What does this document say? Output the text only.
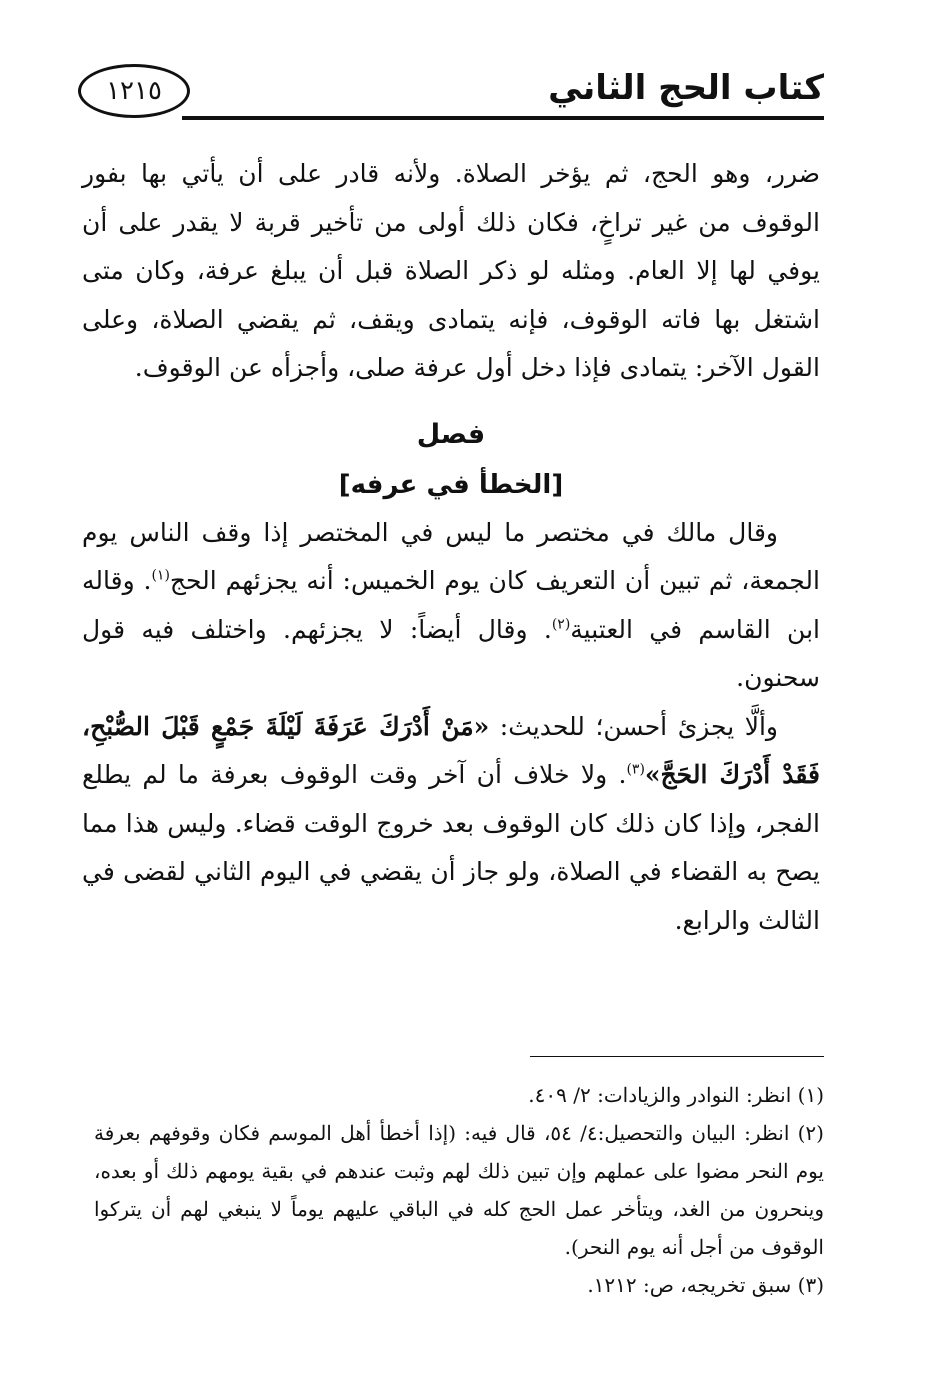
كتاب الحج الثاني
١٢١٥

ضرر، وهو الحج، ثم يؤخر الصلاة. ولأنه قادر على أن يأتي بها بفور الوقوف من غير تراخٍ، فكان ذلك أولى من تأخير قربة لا يقدر على أن يوفي لها إلا العام. ومثله لو ذكر الصلاة قبل أن يبلغ عرفة، وكان متى اشتغل بها فاته الوقوف، فإنه يتمادى ويقف، ثم يقضي الصلاة، وعلى القول الآخر: يتمادى فإذا دخل أول عرفة صلى، وأجزأه عن الوقوف.

فصل
[الخطأ في عرفه]

وقال مالك في مختصر ما ليس في المختصر إذا وقف الناس يوم الجمعة، ثم تبين أن التعريف كان يوم الخميس: أنه يجزئهم الحج$^{(١)}$. وقاله ابن القاسم في العتبية$^{(٢)}$. وقال أيضاً: لا يجزئهم. واختلف فيه قول سحنون.

وألَّا يجزئ أحسن؛ للحديث: «مَنْ أَدْرَكَ عَرَفَةَ لَيْلَةَ جَمْعٍ قَبْلَ الصُّبْحِ، فَقَدْ أَدْرَكَ الحَجَّ»$^{(٣)}$. ولا خلاف أن آخر وقت الوقوف بعرفة ما لم يطلع الفجر، وإذا كان ذلك كان الوقوف بعد خروج الوقت قضاء. وليس هذا مما يصح به القضاء في الصلاة، ولو جاز أن يقضي في اليوم الثاني لقضى في الثالث والرابع.

(١) انظر: النوادر والزيادات: ٢/ ٤٠٩.

(٢) انظر: البيان والتحصيل:٤/ ٥٤، قال فيه: (إذا أخطأ أهل الموسم فكان وقوفهم بعرفة يوم النحر مضوا على عملهم وإن تبين ذلك لهم وثبت عندهم في بقية يومهم ذلك أو بعده، وينحرون من الغد، ويتأخر عمل الحج كله في الباقي عليهم يوماً لا ينبغي لهم أن يتركوا الوقوف من أجل أنه يوم النحر).

(٣) سبق تخريجه، ص: ١٢١٢.
